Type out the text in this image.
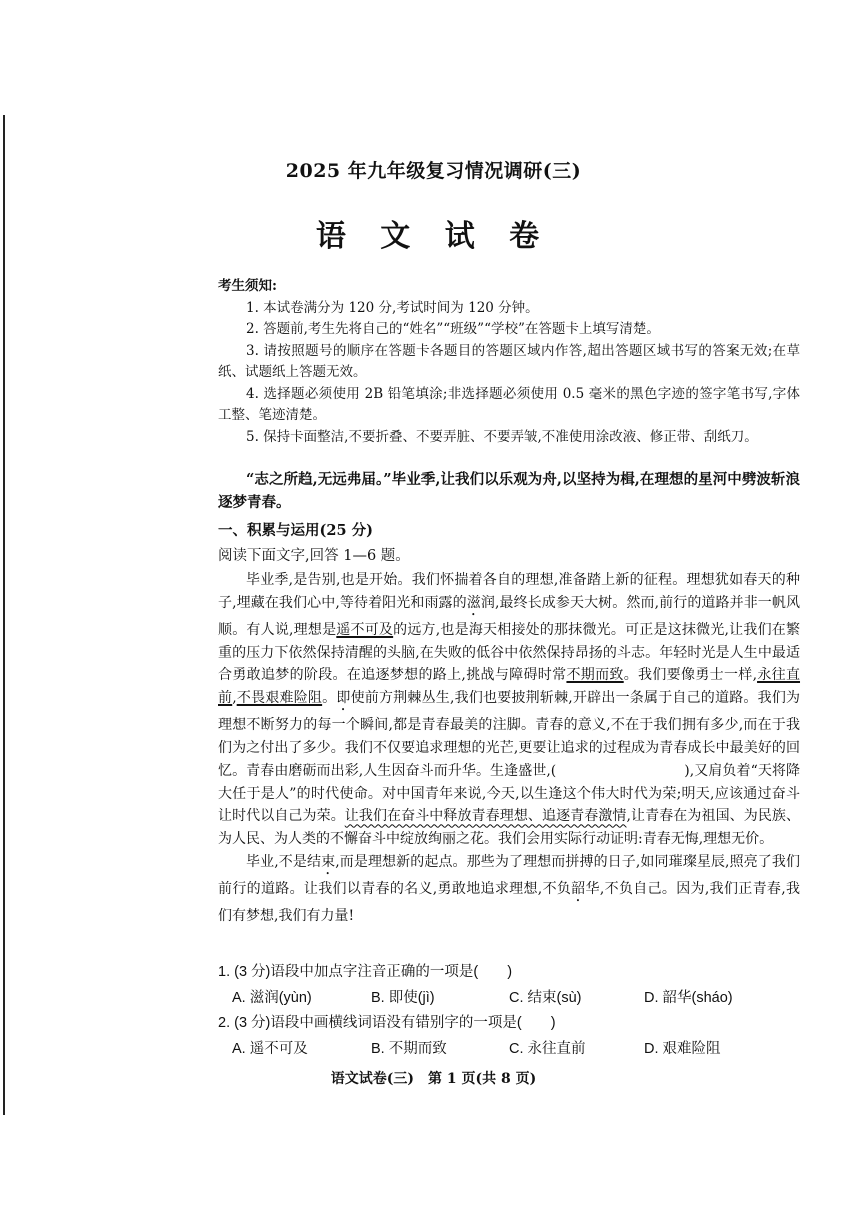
2025 年九年级复习情况调研(三)
语 文 试 卷
考生须知:
1. 本试卷满分为 120 分,考试时间为 120 分钟。
2. 答题前,考生先将自己的“姓名”“班级”“学校”在答题卡上填写清楚。
3. 请按照题号的顺序在答题卡各题目的答题区域内作答,超出答题区域书写的答案无效;在草纸、试题纸上答题无效。
4. 选择题必须使用 2B 铅笔填涂;非选择题必须使用 0.5 毫米的黑色字迹的签字笔书写,字体工整、笔迹清楚。
5. 保持卡面整洁,不要折叠、不要弄脏、不要弄皱,不准使用涂改液、修正带、刮纸刀。
“志之所趋,无远弗届。”毕业季,让我们以乐观为舟,以坚持为楫,在理想的星河中劈波斩浪逐梦青春。
一、积累与运用(25 分)
阅读下面文字,回答 1—6 题。

毕业季,是告别,也是开始。我们怀揣着各自的理想,准备踏上新的征程。理想犹如春天的种子,埋藏在我们心中,等待着阳光和雨露的滋润,最终长成参天大树。然而,前行的道路并非一帆风顺。有人说,理想是遥不可及的远方,也是海天相接处的那抹微光。可正是这抹微光,让我们在繁重的压力下依然保持清醒的头脑,在失败的低谷中依然保持昂扬的斗志。年轻时光是人生中最适合勇敢追梦的阶段。在追逐梦想的路上,挑战与障碍时常不期而致。我们要像勇士一样,永往直前,不畏艰难险阻。即使前方荆棘丛生,我们也要披荆斩棘,开辟出一条属于自己的道路。我们为理想不断努力的每一个瞬间,都是青春最美的注脚。青春的意义,不在于我们拥有多少,而在于我们为之付出了多少。我们不仅要追求理想的光芒,更要让追求的过程成为青春成长中最美好的回忆。青春由磨砺而出彩,人生因奋斗而升华。生逢盛世,(	),又肩负着“天将降大任于是人”的时代使命。对中国青年来说,今天,以生逢这个伟大时代为荣;明天,应该通过奋斗让时代以自己为荣。让我们在奋斗中释放青春理想、追逐青春激情,让青春在为祖国、为民族、为人民、为人类的不懈奋斗中绽放绚丽之花。我们会用实际行动证明:青春无悔,理想无价。

毕业,不是结束,而是理想新的起点。那些为了理想而拼搏的日子,如同璀璨星辰,照亮了我们前行的道路。让我们以青春的名义,勇敢地追求理想,不负韶华,不负自己。因为,我们正青春,我们有梦想,我们有力量!

1. (3 分)语段中加点字注音正确的一项是(　　)
A. 滋润(yùn)	B. 即使(jì)	C. 结束(sù)	D. 韶华(sháo)
2. (3 分)语段中画横线词语没有错别字的一项是(　　)
A. 遥不可及	B. 不期而致	C. 永往直前	D. 艰难险阻
语文试卷(三)　第 1 页(共 8 页)
